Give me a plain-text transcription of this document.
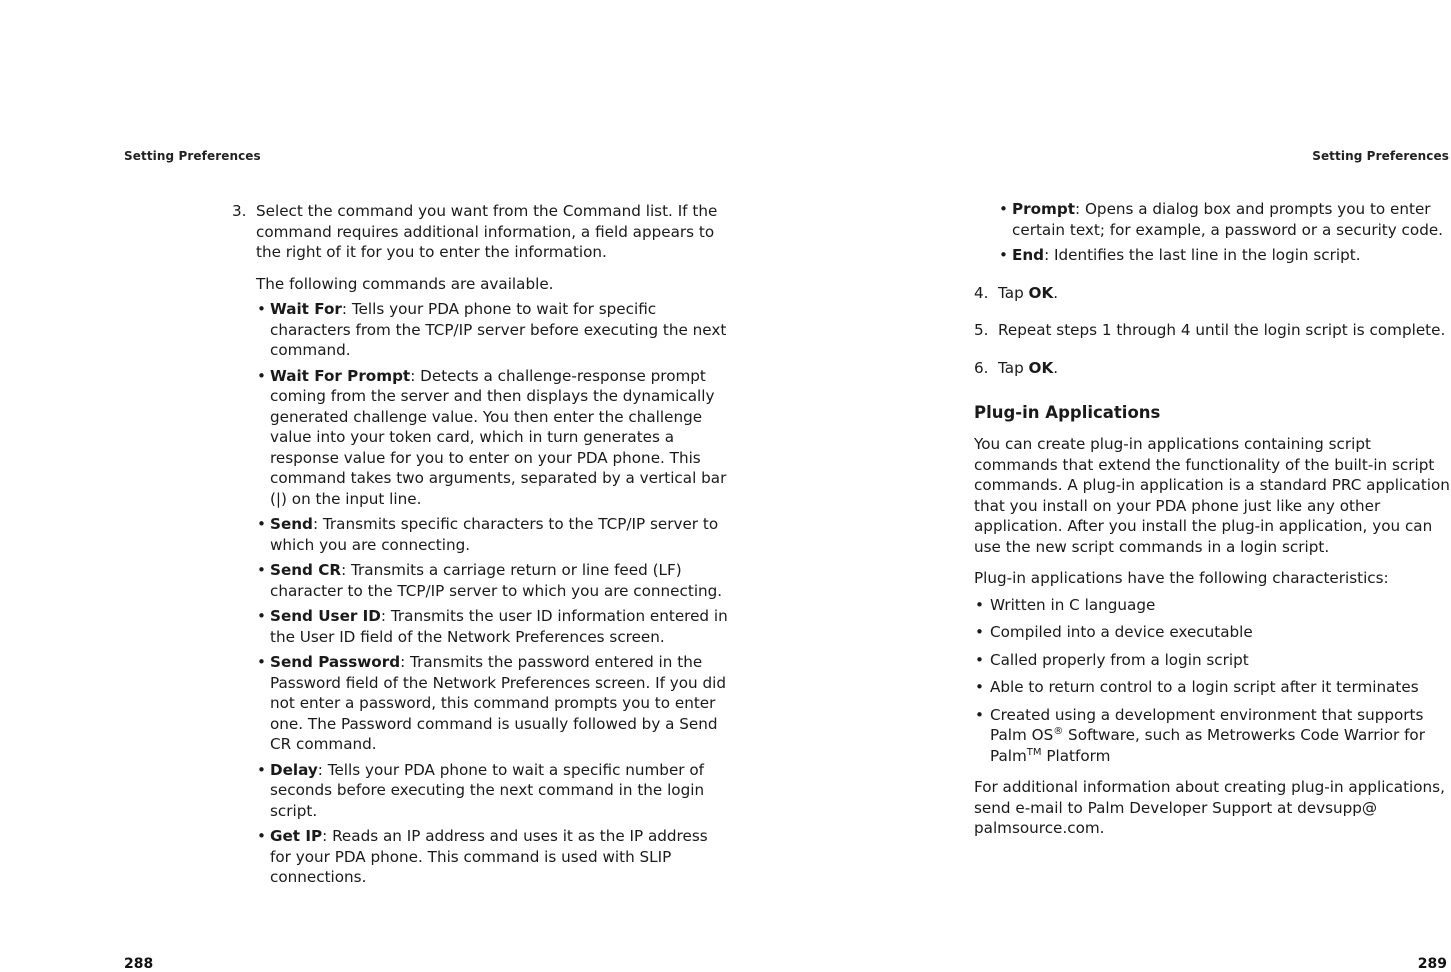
Setting Preferences
3. Select the command you want from the Command list. If the command requires additional information, a field appears to the right of it for you to enter the information.

The following commands are available.

• Wait For: Tells your PDA phone to wait for specific characters from the TCP/IP server before executing the next command.
• Wait For Prompt: Detects a challenge-response prompt coming from the server and then displays the dynamically generated challenge value. You then enter the challenge value into your token card, which in turn generates a response value for you to enter on your PDA phone. This command takes two arguments, separated by a vertical bar (|) on the input line.
• Send: Transmits specific characters to the TCP/IP server to which you are connecting.
• Send CR: Transmits a carriage return or line feed (LF) character to the TCP/IP server to which you are connecting.
• Send User ID: Transmits the user ID information entered in the User ID field of the Network Preferences screen.
• Send Password: Transmits the password entered in the Password field of the Network Preferences screen. If you did not enter a password, this command prompts you to enter one. The Password command is usually followed by a Send CR command.
• Delay: Tells your PDA phone to wait a specific number of seconds before executing the next command in the login script.
• Get IP: Reads an IP address and uses it as the IP address for your PDA phone. This command is used with SLIP connections.
288
Setting Preferences
• Prompt: Opens a dialog box and prompts you to enter certain text; for example, a password or a security code.
• End: Identifies the last line in the login script.
4. Tap OK.
5. Repeat steps 1 through 4 until the login script is complete.
6. Tap OK.
Plug-in Applications

You can create plug-in applications containing script commands that extend the functionality of the built-in script commands. A plug-in application is a standard PRC application that you install on your PDA phone just like any other application. After you install the plug-in application, you can use the new script commands in a login script.

Plug-in applications have the following characteristics:

• Written in C language
• Compiled into a device executable
• Called properly from a login script
• Able to return control to a login script after it terminates
• Created using a development environment that supports Palm OS® Software, such as Metrowerks Code Warrior for Palm™ Platform

For additional information about creating plug-in applications, send e-mail to Palm Developer Support at devsupp@ palmsource.com.

289
